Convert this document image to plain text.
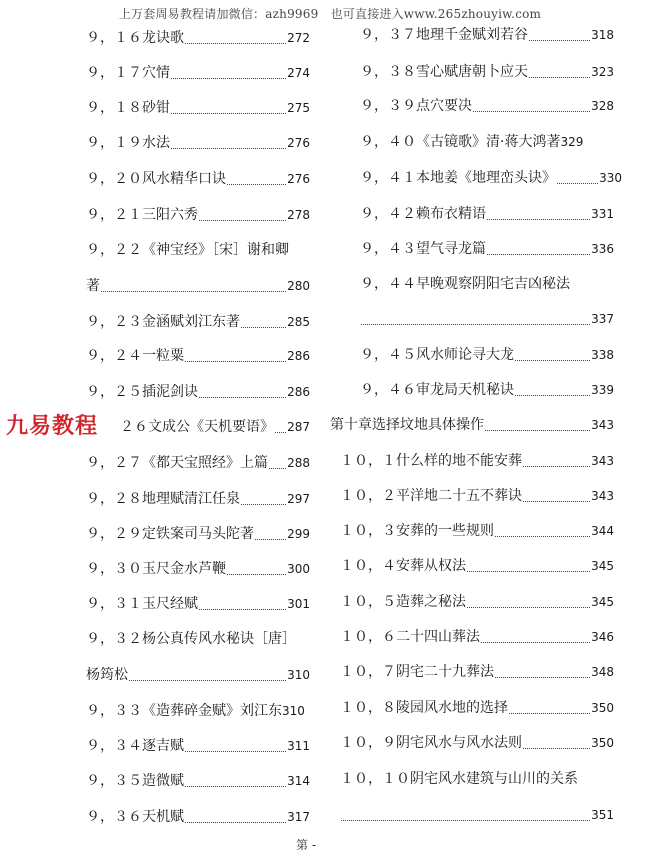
上万套周易教程请加微信：azh9969　也可直接进入www.265zhouyiw.com
９，１６龙诀歌	272
９，１７穴情	274
９，１８砂钳	275
９，１９水法	276
９，２０风水精华口诀	276
９，２１三阳六秀	278
９，２２《神宝经》［宋］谢和卿
著	280
９，２３金涵赋刘江东著	285
９，２４一粒粟	286
９，２５插泥剑诀	286
２６文成公《天机要语》 287
９，２７《都天宝照经》上篇 288
９，２８地理赋清江任泉	297
９，２９定铁案司马头陀著	299
９，３０玉尺金水芦鞭	300
９，３１玉尺经赋	301
９，３２杨公真传风水秘诀［唐］
杨筠松	310
９，３３《造葬碎金赋》刘江东 310
９，３４逐吉赋	311
９，３５造微赋	314
９，３６天机赋	317
９，３７地理千金赋刘若谷	318
９，３８雪心赋唐朝卜应天	323
９，３９点穴要决	328
９，４０《古镜歌》清·蒋大鸿著 329
９，４１本地姜《地理峦头诀》	330
９，４２赖布衣精语	331
９，４３望气寻龙篇	336
９，４４早晚观察阴阳宅吉凶秘法
337
９，４５风水师论寻大龙	338
９，４６审龙局天机秘诀	339
第十章选择坟地具体操作	343
１０，１什么样的地不能安葬	343
１０，２平洋地二十五不葬诀	343
１０，３安葬的一些规则	344
１０，４安葬从权法	345
１０，５造葬之秘法	345
１０，６二十四山葬法	346
１０，７阴宅二十九葬法	348
１０，８陵园风水地的选择	350
１０，９阴宅风水与风水法则	350
１０，１０阴宅风水建筑与山川的关系
351
九易教程
第 -
